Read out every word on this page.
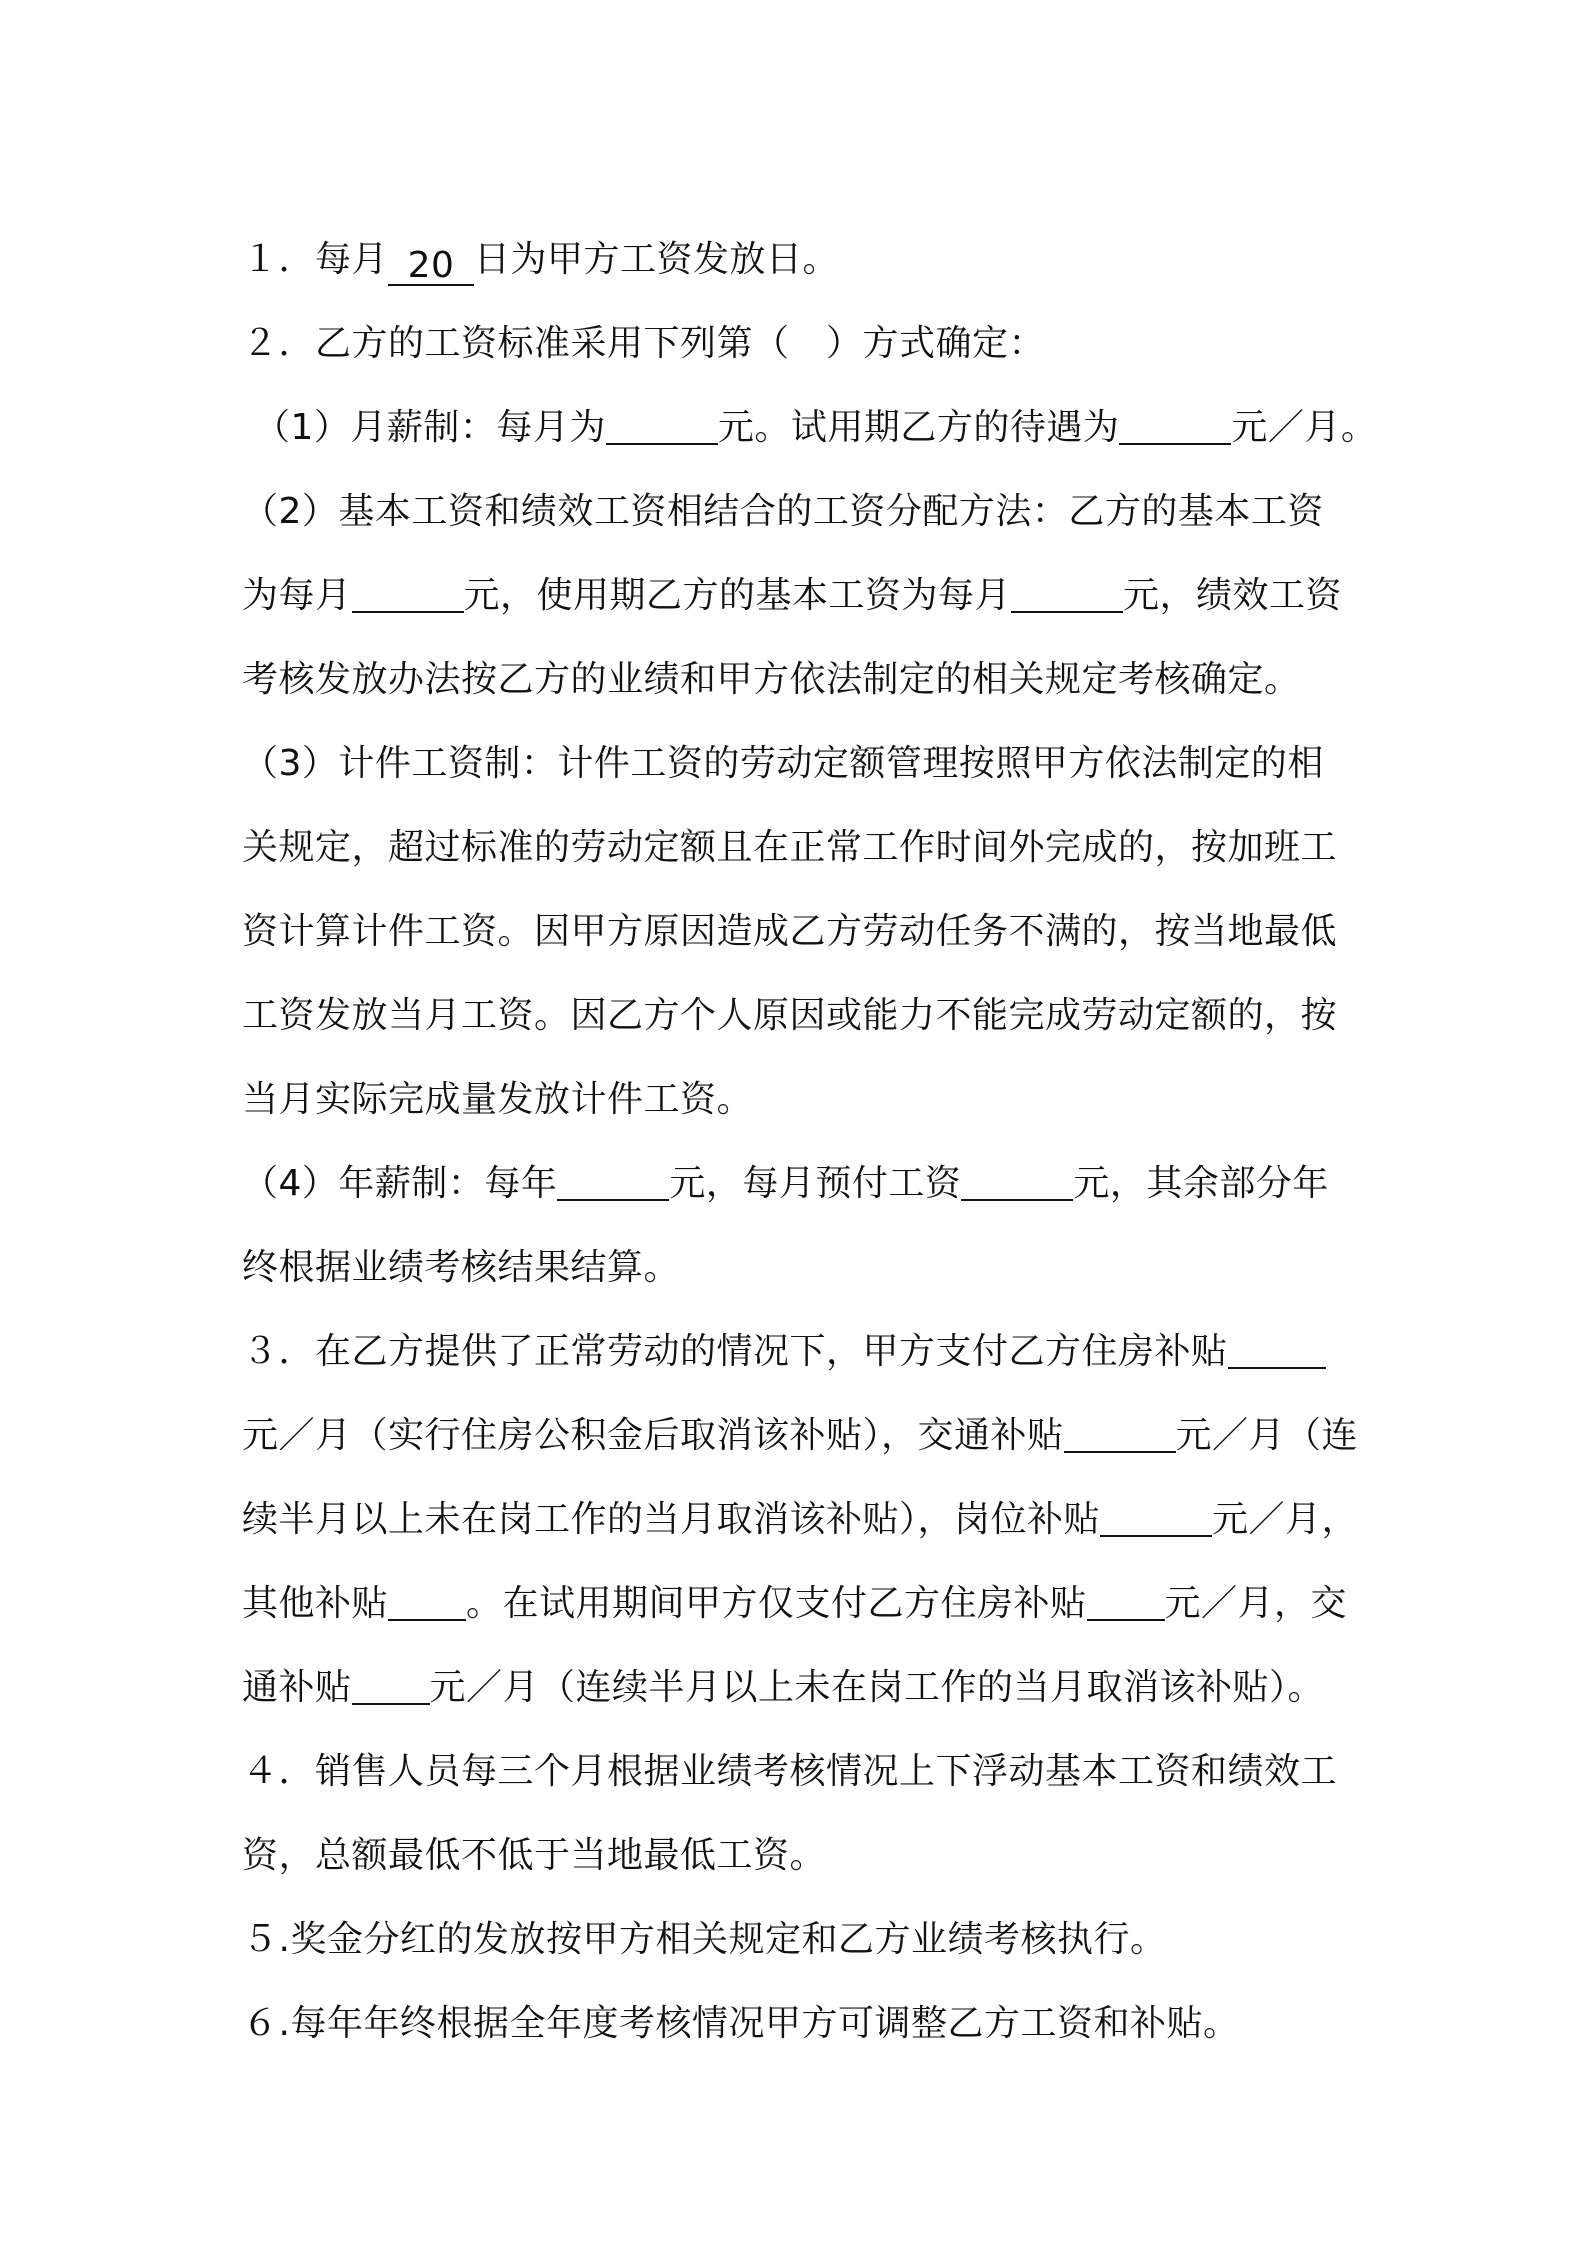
１．每月 20 日为甲方工资发放日。

２．乙方的工资标准采用下列第（　）方式确定：

（1）月薪制：每月为	元。试用期乙方的待遇为	元／月。

（2）基本工资和绩效工资相结合的工资分配方法：乙方的基本工资

为每月	元，使用期乙方的基本工资为每月	元，绩效工资

考核发放办法按乙方的业绩和甲方依法制定的相关规定考核确定。

（3）计件工资制：计件工资的劳动定额管理按照甲方依法制定的相

关规定，超过标准的劳动定额且在正常工作时间外完成的，按加班工

资计算计件工资。因甲方原因造成乙方劳动任务不满的，按当地最低

工资发放当月工资。因乙方个人原因或能力不能完成劳动定额的，按

当月实际完成量发放计件工资。

（4）年薪制：每年	元，每月预付工资	元，其余部分年

终根据业绩考核结果结算。

３．在乙方提供了正常劳动的情况下，甲方支付乙方住房补贴

元／月（实行住房公积金后取消该补贴），交通补贴	元／月（连

续半月以上未在岗工作的当月取消该补贴），岗位补贴	元／月，

其他补贴 。在试用期间甲方仅支付乙方住房补贴 元／月，交

通补贴 元／月（连续半月以上未在岗工作的当月取消该补贴）。

４．销售人员每三个月根据业绩考核情况上下浮动基本工资和绩效工

资，总额最低不低于当地最低工资。

５.奖金分红的发放按甲方相关规定和乙方业绩考核执行。

６.每年年终根据全年度考核情况甲方可调整乙方工资和补贴。
